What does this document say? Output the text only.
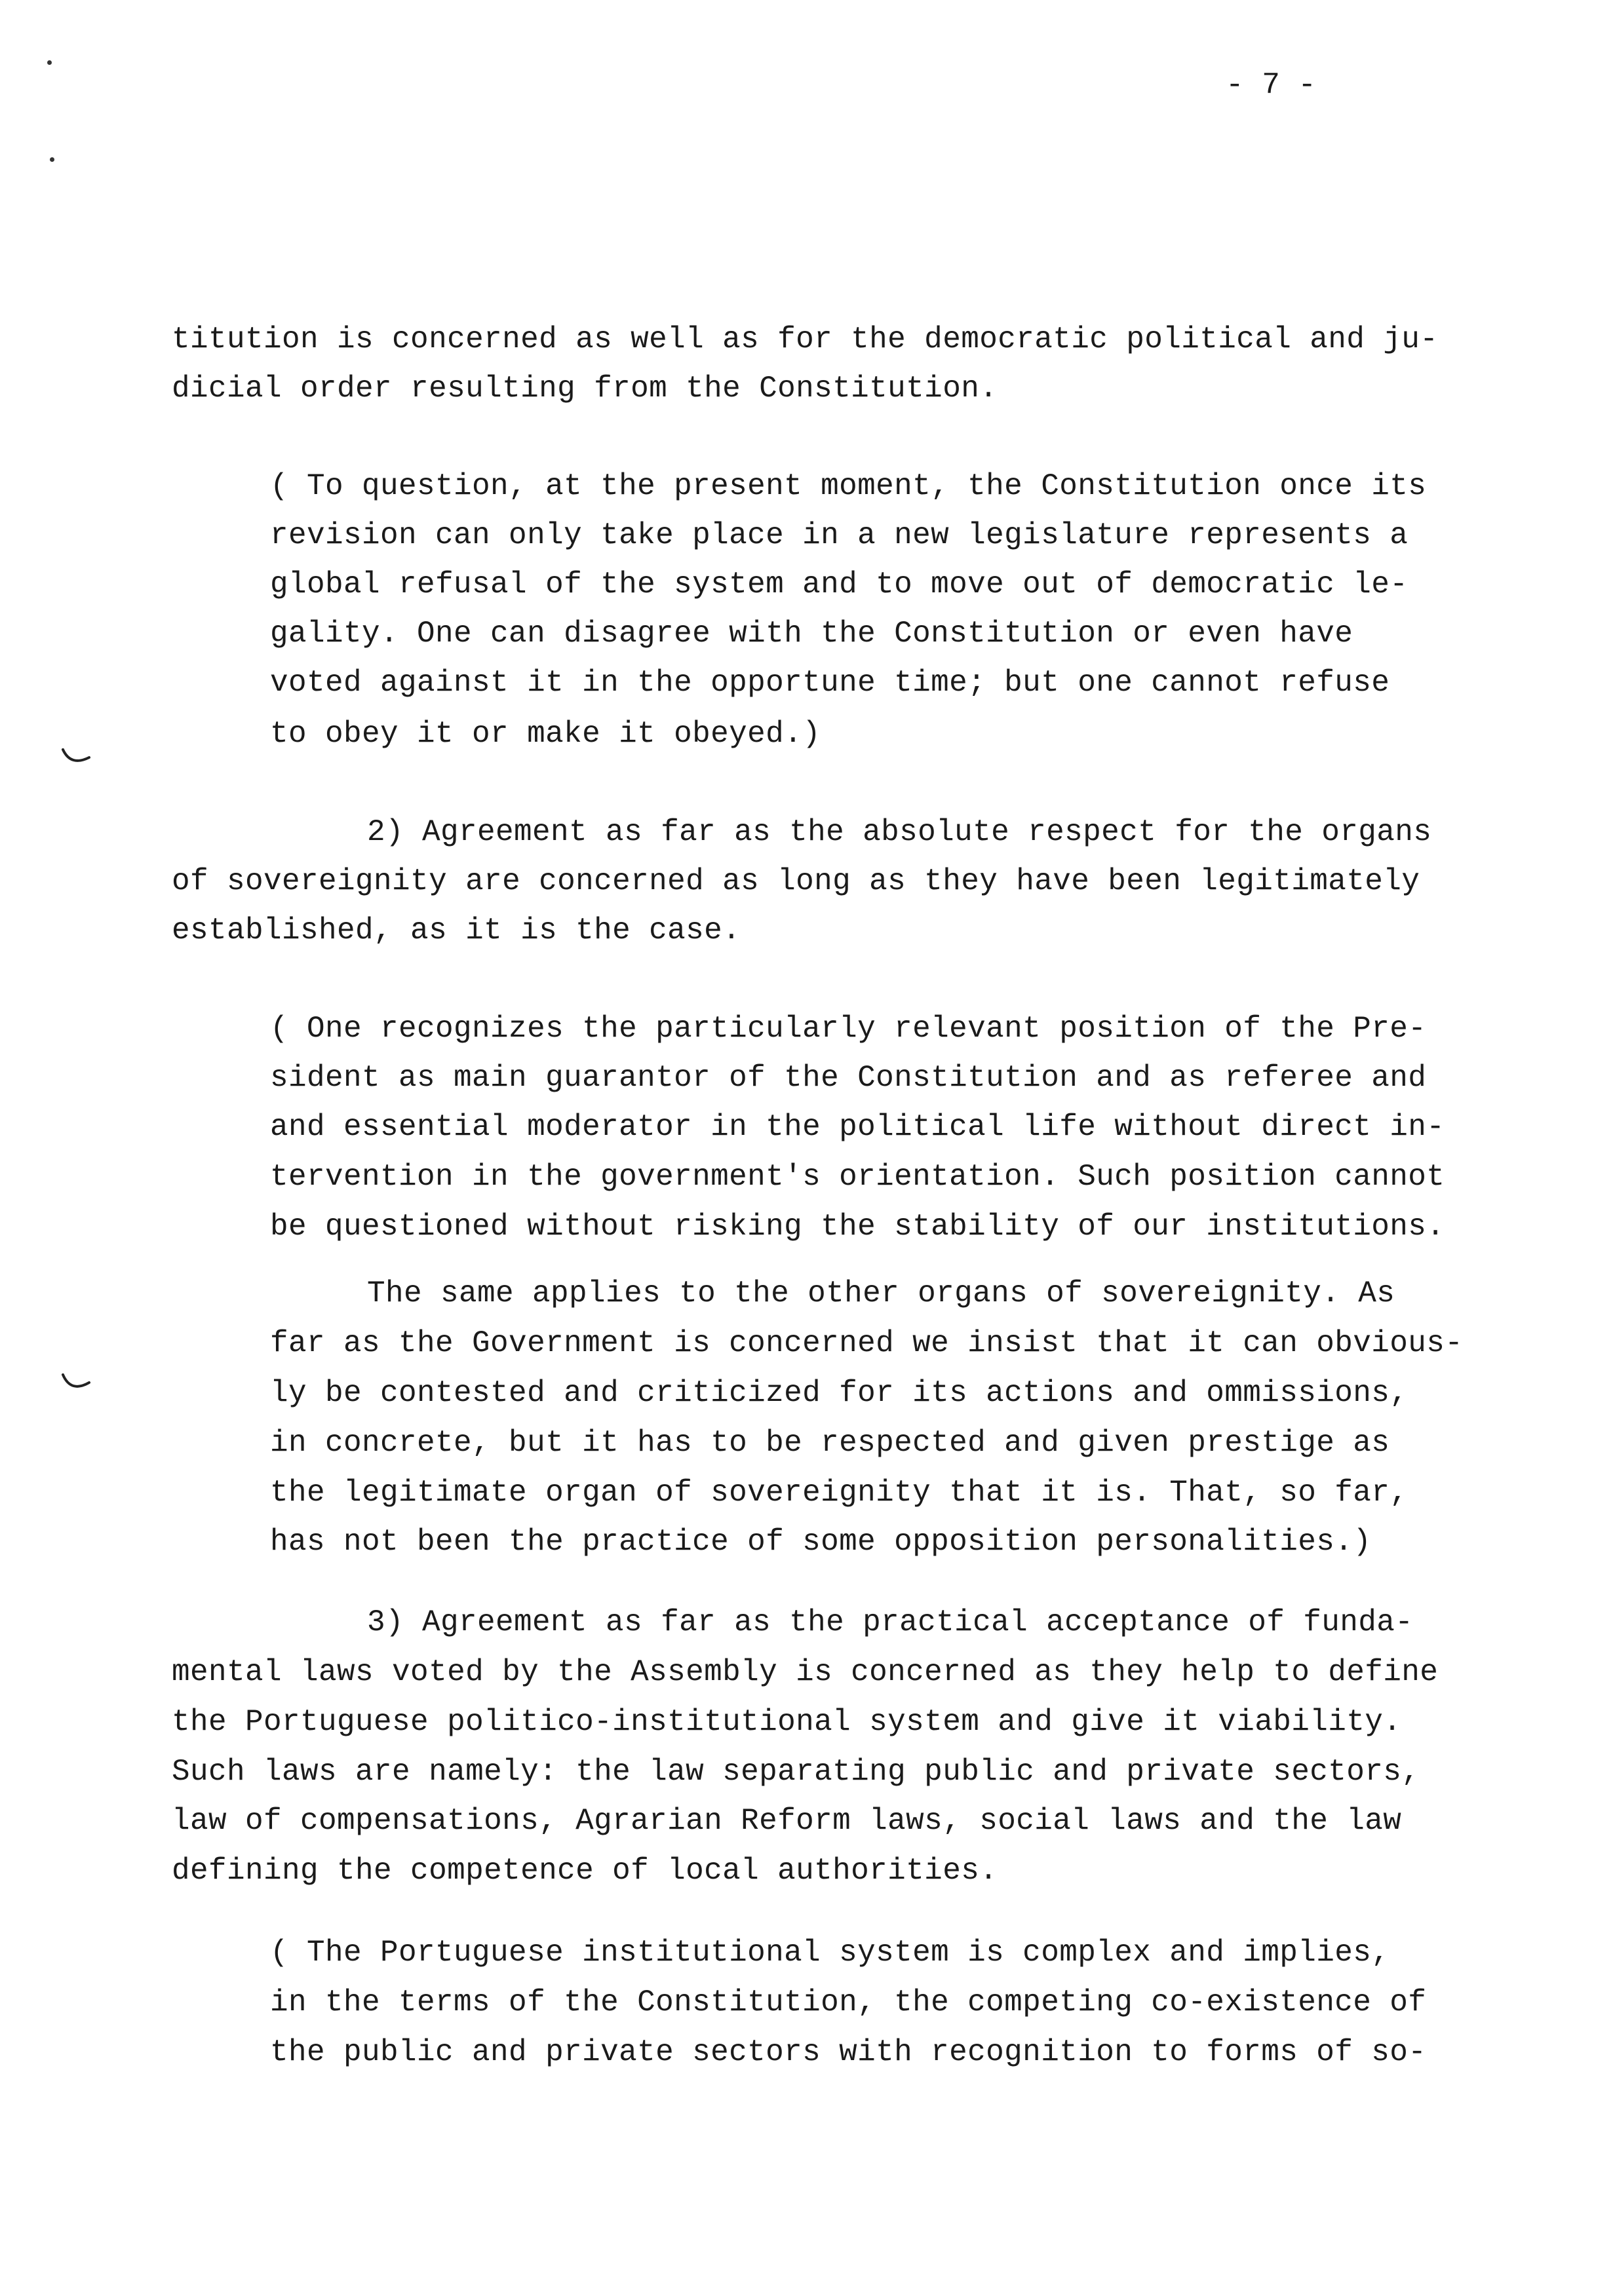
- 7 -
titution is concerned as well as for the democratic political and ju-
dicial order resulting from the Constitution.
( To question, at the present moment, the Constitution once its
revision can only take place in a new legislature represents a
global refusal of the system and to move out of democratic le-
gality. One can disagree with the Constitution or even have
voted against it in the opportune time; but one cannot refuse
to obey it or make it obeyed.)
2) Agreement as far as the absolute respect for the organs
of sovereignity are concerned as long as they have been legitimately
established, as it is the case.
( One recognizes the particularly relevant position of the Pre-
sident as main guarantor of the Constitution and as referee and
and essential moderator in the political life without direct in-
tervention in the government's orientation. Such position cannot
be questioned without risking the stability of our institutions.
The same applies to the other organs of sovereignity. As
far as the Government is concerned we insist that it can obvious-
ly be contested and criticized for its actions and ommissions,
in concrete, but it has to be respected and given prestige as
the legitimate organ of sovereignity that it is. That, so far,
has not been the practice of some opposition personalities.)
3) Agreement as far as the practical acceptance of funda-
mental laws voted by the Assembly is concerned as they help to define
the Portuguese politico-institutional system and give it viability.
Such laws are namely: the law separating public and private sectors,
law of compensations, Agrarian Reform laws, social laws and the law
defining the competence of local authorities.
( The Portuguese institutional system is complex and implies,
in the terms of the Constitution, the competing co-existence of
the public and private sectors with recognition to forms of so-
